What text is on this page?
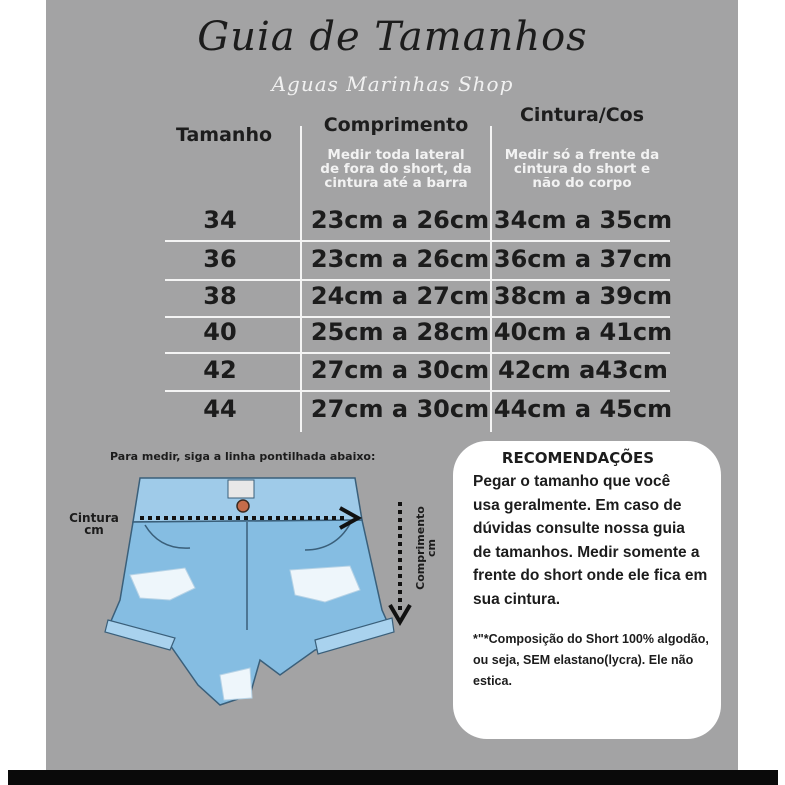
Guia de Tamanhos
Aguas Marinhas Shop
Tamanho	Comprimento	Cintura/Cos
Medir toda lateral
de fora do short, da
cintura até a barra
Medir só a frente da
cintura do short e
não do corpo
34	23cm a 26cm 34cm a 35cm
36	23cm a 26cm 36cm a 37cm
38	24cm a 27cm 38cm a 39cm
40	25cm a 28cm 40cm a 41cm
42	27cm a 30cm 42cm a43cm
44	27cm a 30cm 44cm a 45cm
Para medir, siga a linha pontilhada abaixo:
Cintura
cm	Comprimento
cm
RECOMENDAÇÕES
Pegar o tamanho que você
usa geralmente. Em caso de
dúvidas consulte nossa guia
de tamanhos. Medir somente a
frente do short onde ele fica em
sua cintura.
*"*Composição do Short 100% algodão,
ou seja, SEM elastano(lycra). Ele não
estica.
